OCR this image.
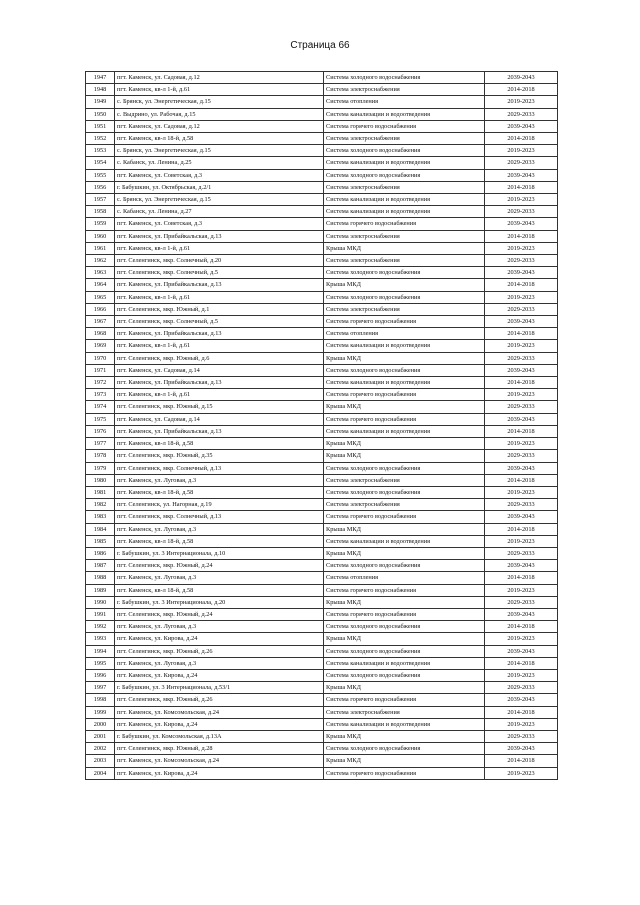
Страница 66
1947	пгт. Каменск, ул. Садовая, д.12	Система холодного водоснабжения	2039-2043
1948	пгт. Каменск, кв-л 1-й, д.61	Система электроснабжения	2014-2018
1949	с. Брянск, ул. Энергетическая, д.15	Система отопления	2019-2023
1950	с. Выдрино, ул. Рабочая, д.15	Система канализации и водоотведения	2029-2033
1951	пгт. Каменск, ул. Садовая, д.12	Система горячего водоснабжения	2039-2043
1952	пгт. Каменск, кв-л 18-й, д.58	Система электроснабжения	2014-2018
1953	с. Брянск, ул. Энергетическая, д.15	Система холодного водоснабжения	2019-2023
1954	с. Кабанск, ул. Ленина, д.25	Система канализации и водоотведения	2029-2033
1955	пгт. Каменск, ул. Советская, д.3	Система холодного водоснабжения	2039-2043
1956	г. Бабушкин, ул. Октябрьская, д.2/1	Система электроснабжения	2014-2018
1957	с. Брянск, ул. Энергетическая, д.15	Система канализации и водоотведения	2019-2023
1958	с. Кабанск, ул. Ленина, д.27	Система канализации и водоотведения	2029-2033
1959	пгт. Каменск, ул. Советская, д.3	Система горячего водоснабжения	2039-2043
1960	пгт. Каменск, ул. Прибайкальская, д.13	Система электроснабжения	2014-2018
1961	пгт. Каменск, кв-л 1-й, д.61	Крыша МКД	2019-2023
1962	пгт. Селенгинск, мкр. Солнечный, д.20	Система электроснабжения	2029-2033
1963	пгт. Селенгинск, мкр. Солнечный, д.5	Система холодного водоснабжения	2039-2043
1964	пгт. Каменск, ул. Прибайкальская, д.13	Крыша МКД	2014-2018
1965	пгт. Каменск, кв-л 1-й, д.61	Система холодного водоснабжения	2019-2023
1966	пгт. Селенгинск, мкр. Южный, д.1	Система электроснабжения	2029-2033
1967	пгт. Селенгинск, мкр. Солнечный, д.5	Система горячего водоснабжения	2039-2043
1968	пгт. Каменск, ул. Прибайкальская, д.13	Система отопления	2014-2018
1969	пгт. Каменск, кв-л 1-й, д.61	Система канализации и водоотведения	2019-2023
1970	пгт. Селенгинск, мкр. Южный, д.6	Крыша МКД	2029-2033
1971	пгт. Каменск, ул. Садовая, д.14	Система холодного водоснабжения	2039-2043
1972	пгт. Каменск, ул. Прибайкальская, д.13	Система канализации и водоотведения	2014-2018
1973	пгт. Каменск, кв-л 1-й, д.61	Система горячего водоснабжения	2019-2023
1974	пгт. Селенгинск, мкр. Южный, д.15	Крыша МКД	2029-2033
1975	пгт. Каменск, ул. Садовая, д.14	Система горячего водоснабжения	2039-2043
1976	пгт. Каменск, ул. Прибайкальская, д.13	Система канализации и водоотведения	2014-2018
1977	пгт. Каменск, кв-л 18-й, д.58	Крыша МКД	2019-2023
1978	пгт. Селенгинск, мкр. Южный, д.35	Крыша МКД	2029-2033
1979	пгт. Селенгинск, мкр. Солнечный, д.13	Система холодного водоснабжения	2039-2043
1980	пгт. Каменск, ул. Луговая, д.3	Система электроснабжения	2014-2018
1981	пгт. Каменск, кв-л 18-й, д.58	Система холодного водоснабжения	2019-2023
1982	пгт. Селенгинск, ул. Нагорная, д.19	Система электроснабжения	2029-2033
1983	пгт. Селенгинск, мкр. Солнечный, д.13	Система горячего водоснабжения	2039-2043
1984	пгт. Каменск, ул. Луговая, д.3	Крыша МКД	2014-2018
1985	пгт. Каменск, кв-л 18-й, д.58	Система канализации и водоотведения	2019-2023
1986	г. Бабушкин, ул. 3 Интернационала, д.10	Крыша МКД	2029-2033
1987	пгт. Селенгинск, мкр. Южный, д.24	Система холодного водоснабжения	2039-2043
1988	пгт. Каменск, ул. Луговая, д.3	Система отопления	2014-2018
1989	пгт. Каменск, кв-л 18-й, д.58	Система горячего водоснабжения	2019-2023
1990	г. Бабушкин, ул. 3 Интернационала, д.20	Крыша МКД	2029-2033
1991	пгт. Селенгинск, мкр. Южный, д.24	Система горячего водоснабжения	2039-2043
1992	пгт. Каменск, ул. Луговая, д.3	Система холодного водоснабжения	2014-2018
1993	пгт. Каменск, ул. Кирова, д.24	Крыша МКД	2019-2023
1994	пгт. Селенгинск, мкр. Южный, д.26	Система холодного водоснабжения	2039-2043
1995	пгт. Каменск, ул. Луговая, д.3	Система канализации и водоотведения	2014-2018
1996	пгт. Каменск, ул. Кирова, д.24	Система холодного водоснабжения	2019-2023
1997	г. Бабушкин, ул. 3 Интернационала, д.53/1	Крыша МКД	2029-2033
1998	пгт. Селенгинск, мкр. Южный, д.26	Система горячего водоснабжения	2039-2043
1999	пгт. Каменск, ул. Комсомольская, д.24	Система электроснабжения	2014-2018
2000	пгт. Каменск, ул. Кирова, д.24	Система канализации и водоотведения	2019-2023
2001	г. Бабушкин, ул. Комсомольская, д.13А	Крыша МКД	2029-2033
2002	пгт. Селенгинск, мкр. Южный, д.28	Система холодного водоснабжения	2039-2043
2003	пгт. Каменск, ул. Комсомольская, д.24	Крыша МКД	2014-2018
2004	пгт. Каменск, ул. Кирова, д.24	Система горячего водоснабжения	2019-2023
